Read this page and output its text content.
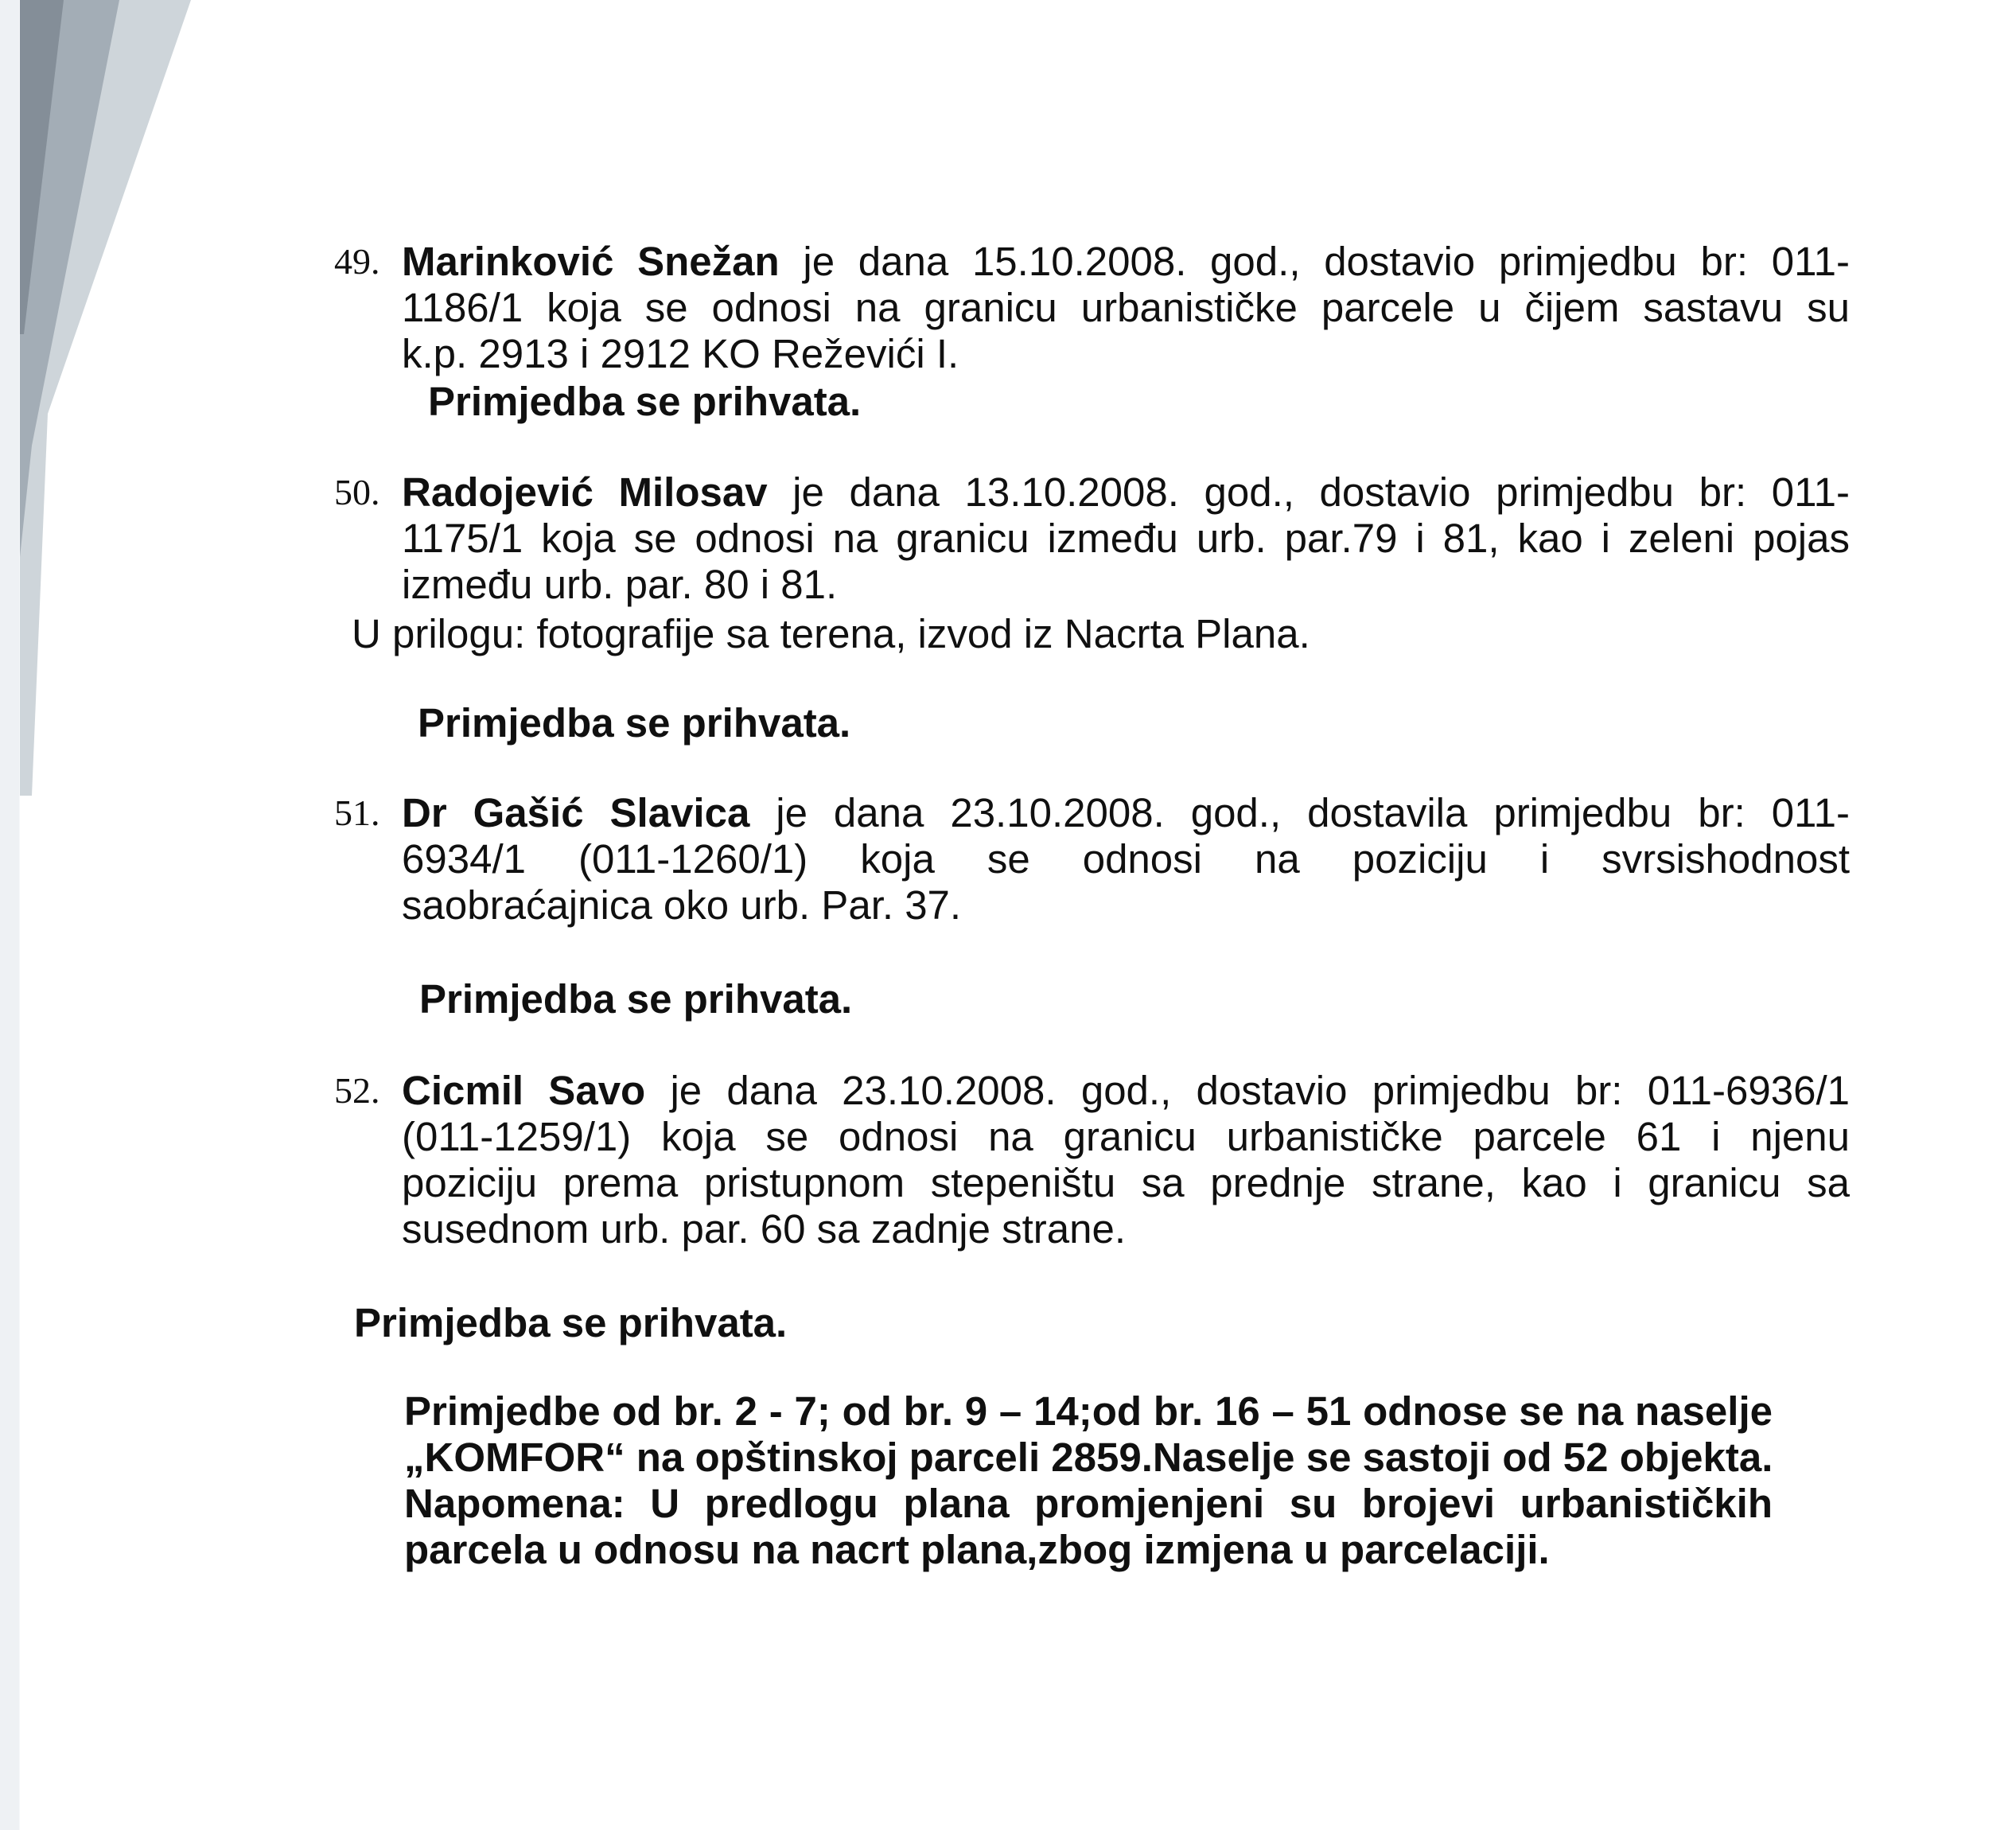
49. Marinković Snežan je dana 15.10.2008. god., dostavio primjedbu br: 011-
1186/1 koja se odnosi na granicu urbanističke parcele u čijem sastavu su
k.p. 2913 i 2912 KO Reževići I.
Primjedba se prihvata.
50. Radojević Milosav je dana 13.10.2008. god., dostavio primjedbu br: 011-
1175/1 koja se odnosi na granicu između urb. par.79 i 81, kao i zeleni pojas
između urb. par. 80 i 81.
U prilogu: fotografije sa terena, izvod iz Nacrta Plana.
Primjedba se prihvata.
51. Dr Gašić Slavica je dana 23.10.2008. god., dostavila primjedbu br: 011-
6934/1 (011-1260/1) koja se odnosi na poziciju i svrsishodnost
saobraćajnica oko urb. Par. 37.
Primjedba se prihvata.
52. Cicmil Savo je dana 23.10.2008. god., dostavio primjedbu br: 011-6936/1
(011-1259/1) koja se odnosi na granicu urbanističke parcele 61 i njenu
poziciju prema pristupnom stepeništu sa prednje strane, kao i granicu sa
susednom urb. par. 60 sa zadnje strane.
Primjedba se prihvata.
Primjedbe od br. 2 - 7; od br. 9 – 14;od br. 16 – 51 odnose se na naselje
„KOMFOR“ na opštinskoj parceli 2859.Naselje se sastoji od 52 objekta.
Napomena: U predlogu plana promjenjeni su brojevi urbanističkih
parcela u odnosu na nacrt plana,zbog izmjena u parcelaciji.
